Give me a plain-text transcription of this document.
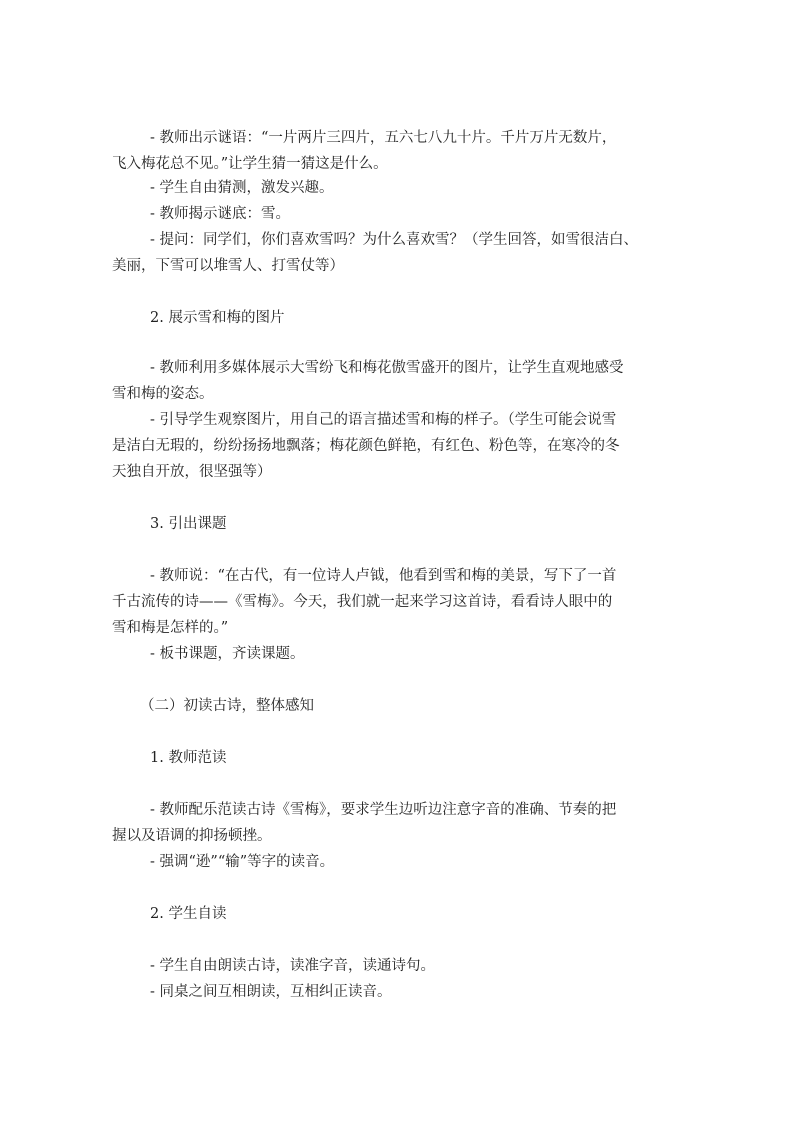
- 教师出示谜语：“一片两片三四片，五六七八九十片。千片万片无数片，
飞入梅花总不见。”让学生猜一猜这是什么。
- 学生自由猜测，激发兴趣。
- 教师揭示谜底：雪。
- 提问：同学们，你们喜欢雪吗？为什么喜欢雪？（学生回答，如雪很洁白、
美丽，下雪可以堆雪人、打雪仗等）
2. 展示雪和梅的图片
- 教师利用多媒体展示大雪纷飞和梅花傲雪盛开的图片，让学生直观地感受
雪和梅的姿态。
- 引导学生观察图片，用自己的语言描述雪和梅的样子。（学生可能会说雪
是洁白无瑕的，纷纷扬扬地飘落；梅花颜色鲜艳，有红色、粉色等，在寒冷的冬
天独自开放，很坚强等）
3. 引出课题
- 教师说：“在古代，有一位诗人卢钺，他看到雪和梅的美景，写下了一首
千古流传的诗——《雪梅》。今天，我们就一起来学习这首诗，看看诗人眼中的
雪和梅是怎样的。”
- 板书课题，齐读课题。
（二）初读古诗，整体感知
1. 教师范读
- 教师配乐范读古诗《雪梅》，要求学生边听边注意字音的准确、节奏的把
握以及语调的抑扬顿挫。
- 强调“逊”“输”等字的读音。
2. 学生自读
- 学生自由朗读古诗，读准字音，读通诗句。
- 同桌之间互相朗读，互相纠正读音。
